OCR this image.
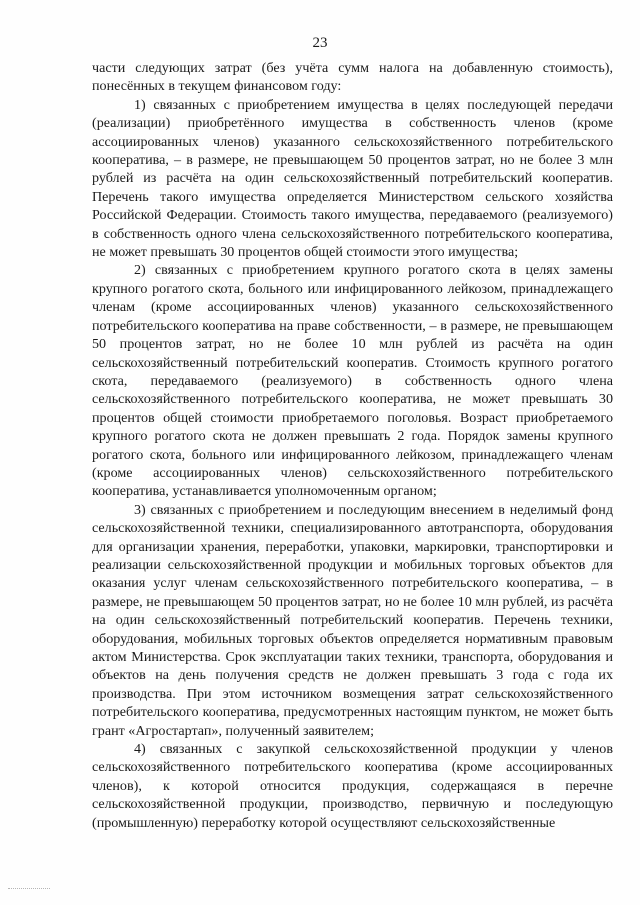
23

части следующих затрат (без учёта сумм налога на добавленную стоимость), понесённых в текущем финансовом году:

1) связанных с приобретением имущества в целях последующей передачи (реализации) приобретённого имущества в собственность членов (кроме ассоциированных членов) указанного сельскохозяйственного потребительского кооператива, – в размере, не превышающем 50 процентов затрат, но не более 3 млн рублей из расчёта на один сельскохозяйственный потребительский кооператив. Перечень такого имущества определяется Министерством сельского хозяйства Российской Федерации. Стоимость такого имущества, передаваемого (реализуемого) в собственность одного члена сельскохозяйственного потребительского кооператива, не может превышать 30 процентов общей стоимости этого имущества;

2) связанных с приобретением крупного рогатого скота в целях замены крупного рогатого скота, больного или инфицированного лейкозом, принадлежащего членам (кроме ассоциированных членов) указанного сельскохозяйственного потребительского кооператива на праве собственности, – в размере, не превышающем 50 процентов затрат, но не более 10 млн рублей из расчёта на один сельскохозяйственный потребительский кооператив. Стоимость крупного рогатого скота, передаваемого (реализуемого) в собственность одного члена сельскохозяйственного потребительского кооператива, не может превышать 30 процентов общей стоимости приобретаемого поголовья. Возраст приобретаемого крупного рогатого скота не должен превышать 2 года. Порядок замены крупного рогатого скота, больного или инфицированного лейкозом, принадлежащего членам (кроме ассоциированных членов) сельскохозяйственного потребительского кооператива, устанавливается уполномоченным органом;

3) связанных с приобретением и последующим внесением в неделимый фонд сельскохозяйственной техники, специализированного автотранспорта, оборудования для организации хранения, переработки, упаковки, маркировки, транспортировки и реализации сельскохозяйственной продукции и мобильных торговых объектов для оказания услуг членам сельскохозяйственного потребительского кооператива, – в размере, не превышающем 50 процентов затрат, но не более 10 млн рублей, из расчёта на один сельскохозяйственный потребительский кооператив. Перечень техники, оборудования, мобильных торговых объектов определяется нормативным правовым актом Министерства. Срок эксплуатации таких техники, транспорта, оборудования и объектов на день получения средств не должен превышать 3 года с года их производства. При этом источником возмещения затрат сельскохозяйственного потребительского кооператива, предусмотренных настоящим пунктом, не может быть грант «Агростартап», полученный заявителем;

4) связанных с закупкой сельскохозяйственной продукции у членов сельскохозяйственного потребительского кооператива (кроме ассоциированных членов), к которой относится продукция, содержащаяся в перечне сельскохозяйственной продукции, производство, первичную и последующую (промышленную) переработку которой осуществляют сельскохозяйственные
